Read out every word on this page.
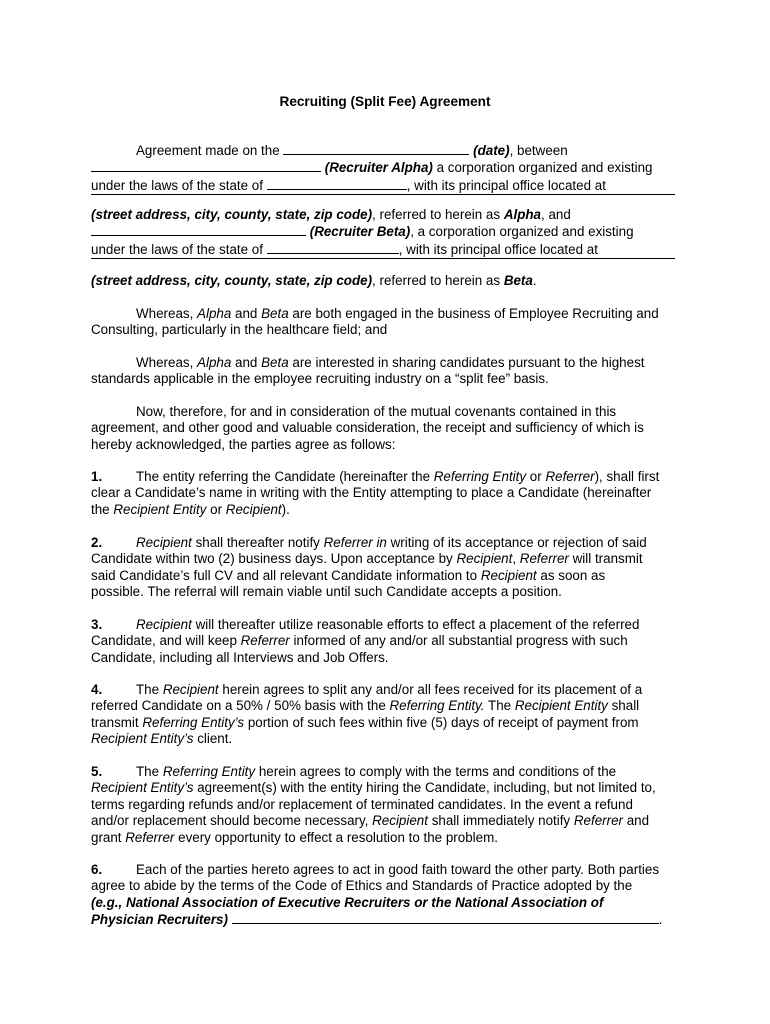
Recruiting (Split Fee) Agreement
Agreement made on the	(date), between
(Recruiter Alpha) a corporation organized and existing
under the laws of the state of	, with its principal office located at
(street address, city, county, state, zip code), referred to herein as Alpha, and
(Recruiter Beta), a corporation organized and existing
under the laws of the state of	, with its principal office located at
(street address, city, county, state, zip code), referred to herein as Beta.
Whereas, Alpha and Beta are both engaged in the business of Employee Recruiting and
Consulting, particularly in the healthcare field; and
Whereas, Alpha and Beta are interested in sharing candidates pursuant to the highest
standards applicable in the employee recruiting industry on a “split fee” basis.
Now, therefore, for and in consideration of the mutual covenants contained in this
agreement, and other good and valuable consideration, the receipt and sufficiency of which is
hereby acknowledged, the parties agree as follows:
1.	The entity referring the Candidate (hereinafter the Referring Entity or Referrer), shall first
clear a Candidate’s name in writing with the Entity attempting to place a Candidate (hereinafter
the Recipient Entity or Recipient).
2.	Recipient shall thereafter notify Referrer in writing of its acceptance or rejection of said
Candidate within two (2) business days. Upon acceptance by Recipient, Referrer will transmit
said Candidate’s full CV and all relevant Candidate information to Recipient as soon as
possible. The referral will remain viable until such Candidate accepts a position.
3.	Recipient will thereafter utilize reasonable efforts to effect a placement of the referred
Candidate, and will keep Referrer informed of any and/or all substantial progress with such
Candidate, including all Interviews and Job Offers.
4.	The Recipient herein agrees to split any and/or all fees received for its placement of a
referred Candidate on a 50% / 50% basis with the Referring Entity. The Recipient Entity shall
transmit Referring Entity’s portion of such fees within five (5) days of receipt of payment from
Recipient Entity’s client.
5.	The Referring Entity herein agrees to comply with the terms and conditions of the
Recipient Entity’s agreement(s) with the entity hiring the Candidate, including, but not limited to,
terms regarding refunds and/or replacement of terminated candidates. In the event a refund
and/or replacement should become necessary, Recipient shall immediately notify Referrer and
grant Referrer every opportunity to effect a resolution to the problem.
6.	Each of the parties hereto agrees to act in good faith toward the other party. Both parties
agree to abide by the terms of the Code of Ethics and Standards of Practice adopted by the
(e.g., National Association of Executive Recruiters or the National Association of
Physician Recruiters)	.
